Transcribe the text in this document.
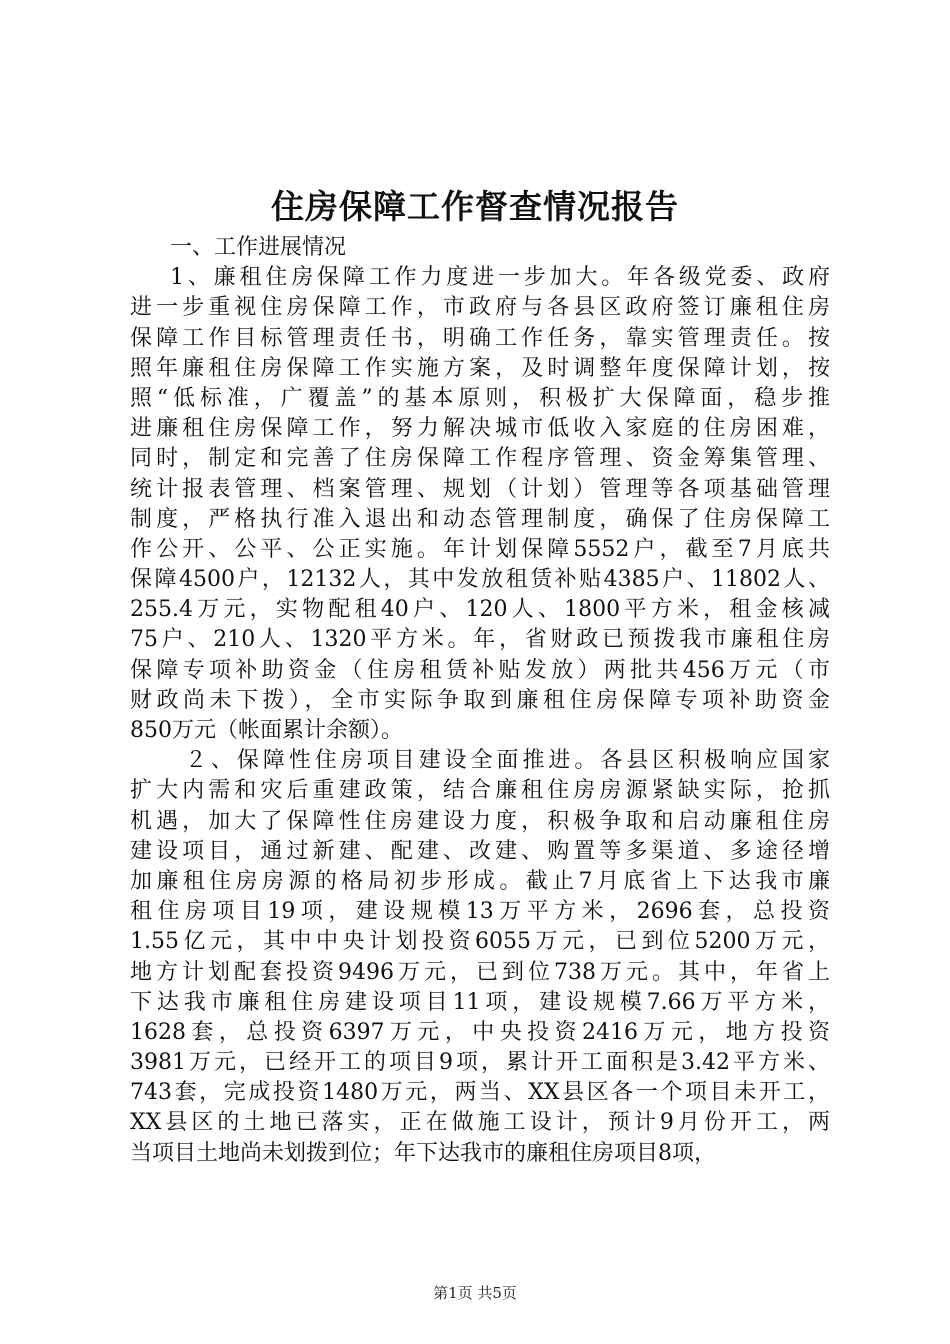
住房保障工作督查情况报告
一、工作进展情况
1、廉租住房保障工作力度进一步加大。年各级党委、政府
进一步重视住房保障工作，市政府与各县区政府签订廉租住房
保障工作目标管理责任书，明确工作任务，靠实管理责任。按
照年廉租住房保障工作实施方案，及时调整年度保障计划，按
照“低标准，广覆盖”的基本原则，积极扩大保障面，稳步推
进廉租住房保障工作，努力解决城市低收入家庭的住房困难，
同时，制定和完善了住房保障工作程序管理、资金筹集管理、
统计报表管理、档案管理、规划（计划）管理等各项基础管理
制度，严格执行准入退出和动态管理制度，确保了住房保障工
作公开、公平、公正实施。年计划保障5552户，截至7月底共
保障4500户，12132人，其中发放租赁补贴4385户、11802人、
255.4万元，实物配租40户、120人、1800平方米，租金核减
75户、210人、1320平方米。年，省财政已预拨我市廉租住房
保障专项补助资金（住房租赁补贴发放）两批共456万元（市
财政尚未下拨），全市实际争取到廉租住房保障专项补助资金
850万元（帐面累计余额）。
２、保障性住房项目建设全面推进。各县区积极响应国家
扩大内需和灾后重建政策，结合廉租住房房源紧缺实际，抢抓
机遇，加大了保障性住房建设力度，积极争取和启动廉租住房
建设项目，通过新建、配建、改建、购置等多渠道、多途径增
加廉租住房房源的格局初步形成。截止7月底省上下达我市廉
租住房项目19项，建设规模13万平方米，2696套，总投资
1.55亿元，其中中央计划投资6055万元，已到位5200万元，
地方计划配套投资9496万元，已到位738万元。其中，年省上
下达我市廉租住房建设项目11项，建设规模7.66万平方米，
1628套，总投资6397万元，中央投资2416万元，地方投资
3981万元，已经开工的项目9项，累计开工面积是3.42平方米、
743套，完成投资1480万元，两当、XX县区各一个项目未开工，
XX县区的土地已落实，正在做施工设计，预计9月份开工，两
当项目土地尚未划拨到位；年下达我市的廉租住房项目8项，
第1页 共5页
